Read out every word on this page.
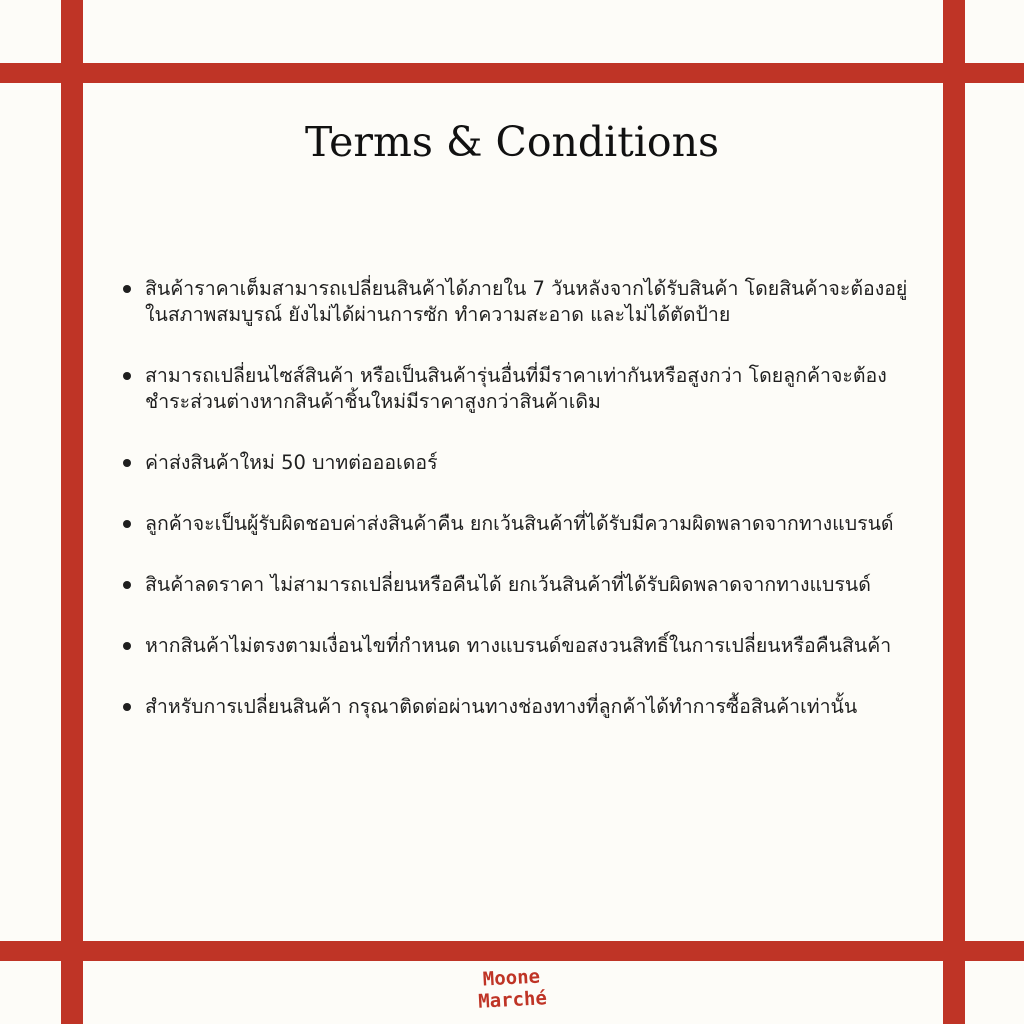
Terms & Conditions
สินค้าราคาเต็มสามารถเปลี่ยนสินค้าได้ภายใน 7 วันหลังจากได้รับสินค้า โดยสินค้าจะต้องอยู่ในสภาพสมบูรณ์ ยังไม่ได้ผ่านการซัก ทำความสะอาด และไม่ได้ตัดป้าย
สามารถเปลี่ยนไซส์สินค้า หรือเป็นสินค้ารุ่นอื่นที่มีราคาเท่ากันหรือสูงกว่า โดยลูกค้าจะต้องชำระส่วนต่างหากสินค้าชิ้นใหม่มีราคาสูงกว่าสินค้าเดิม
ค่าส่งสินค้าใหม่ 50 บาทต่อออเดอร์
ลูกค้าจะเป็นผู้รับผิดชอบค่าส่งสินค้าคืน ยกเว้นสินค้าที่ได้รับมีความผิดพลาดจากทางแบรนด์
สินค้าลดราคา ไม่สามารถเปลี่ยนหรือคืนได้ ยกเว้นสินค้าที่ได้รับผิดพลาดจากทางแบรนด์
หากสินค้าไม่ตรงตามเงื่อนไขที่กำหนด ทางแบรนด์ขอสงวนสิทธิ์ในการเปลี่ยนหรือคืนสินค้า
สำหรับการเปลี่ยนสินค้า กรุณาติดต่อผ่านทางช่องทางที่ลูกค้าได้ทำการซื้อสินค้าเท่านั้น
Moone
Marché
